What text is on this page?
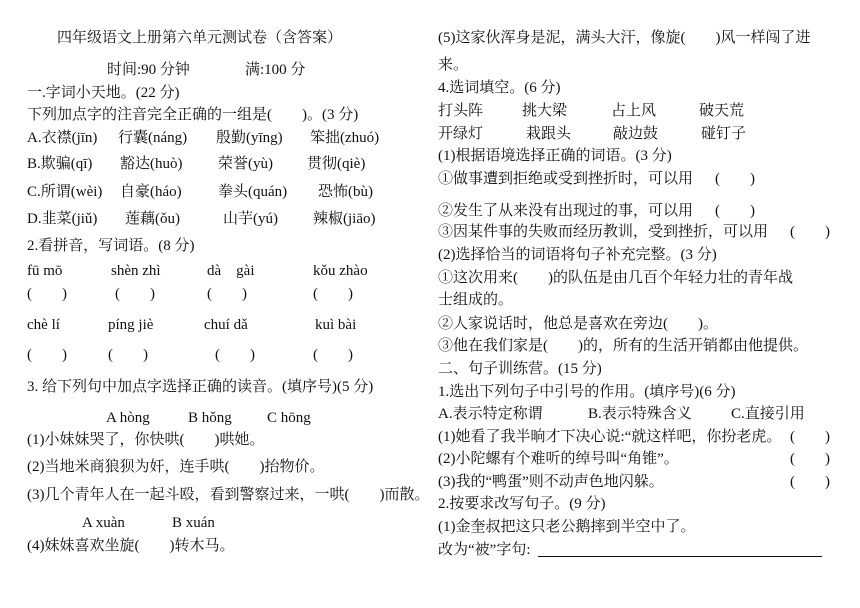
四年级语文上册第六单元测试卷（含答案）
时间:90 分钟	满:100 分
一.字词小天地。(22 分)
下列加点字的注音完全正确的一组是(　　)。(3 分)
A.衣襟(jīn) 行囊(náng) 殷勤(yīng) 笨拙(zhuó)
B.欺骗(qī) 豁达(huò) 荣誉(yù) 贯彻(qiè)
C.所谓(wèi) 自豪(háo) 拳头(quán) 恐怖(bù)
D.韭菜(jiǔ) 莲藕(ǒu)	山芋(yú) 辣椒(jiāo)
2.看拼音，写词语。(8 分)
fū mō	shèn zhì	dà　gài	kǒu zhào
(　　)	(　　)	(　　)	(　　)
chè lí	píng jiè	chuí dǎ	kuì bài
(　　)	(　　)	(　　)	(　　)
3. 给下列句中加点字选择正确的读音。(填序号)(5 分)
A hòng	B hǒng C hōng
(1)小妹妹哭了，你快哄(　　)哄她。
(2)当地米商狼狈为奸，连手哄(　　)抬物价。
(3)几个青年人在一起斗殴，看到警察过来，一哄(　　)而散。
A xuàn	B xuán
(4)妹妹喜欢坐旋(　　)转木马。
(5)这家伙浑身是泥，满头大汗，像旋(　　)风一样闯了进
来。
4.选词填空。(6 分)
打头阵	挑大梁	占上风	破天荒
开绿灯	栽跟头	敲边鼓	碰钉子
(1)根据语境选择正确的词语。(3 分)
①做事遭到拒绝或受到挫折时，可以用 (　　)
②发生了从来没有出现过的事，可以用 (　　)
③因某件事的失败而经历教训，受到挫折，可以用 (　　)
(2)选择恰当的词语将句子补充完整。(3 分)
①这次用来(　　)的队伍是由几百个年轻力壮的青年战
士组成的。
②人家说话时，他总是喜欢在旁边(　　)。
③他在我们家是(　　)的，所有的生活开销都由他提供。
二、句子训练营。(15 分)
1.选出下列句子中引号的作用。(填序号)(6 分)
A.表示特定称谓	B.表示特殊含义	C.直接引用
(1)她看了我半晌才下决心说:“就这样吧，你扮老虎。 (　　)
(2)小陀螺有个难听的绰号叫“角锥”。	(　　)
(3)我的“鸭蛋”则不动声色地闪躲。	(　　)
2.按要求改写句子。(9 分)
(1)金奎叔把这只老公鹅摔到半空中了。
改为“被”字句:
